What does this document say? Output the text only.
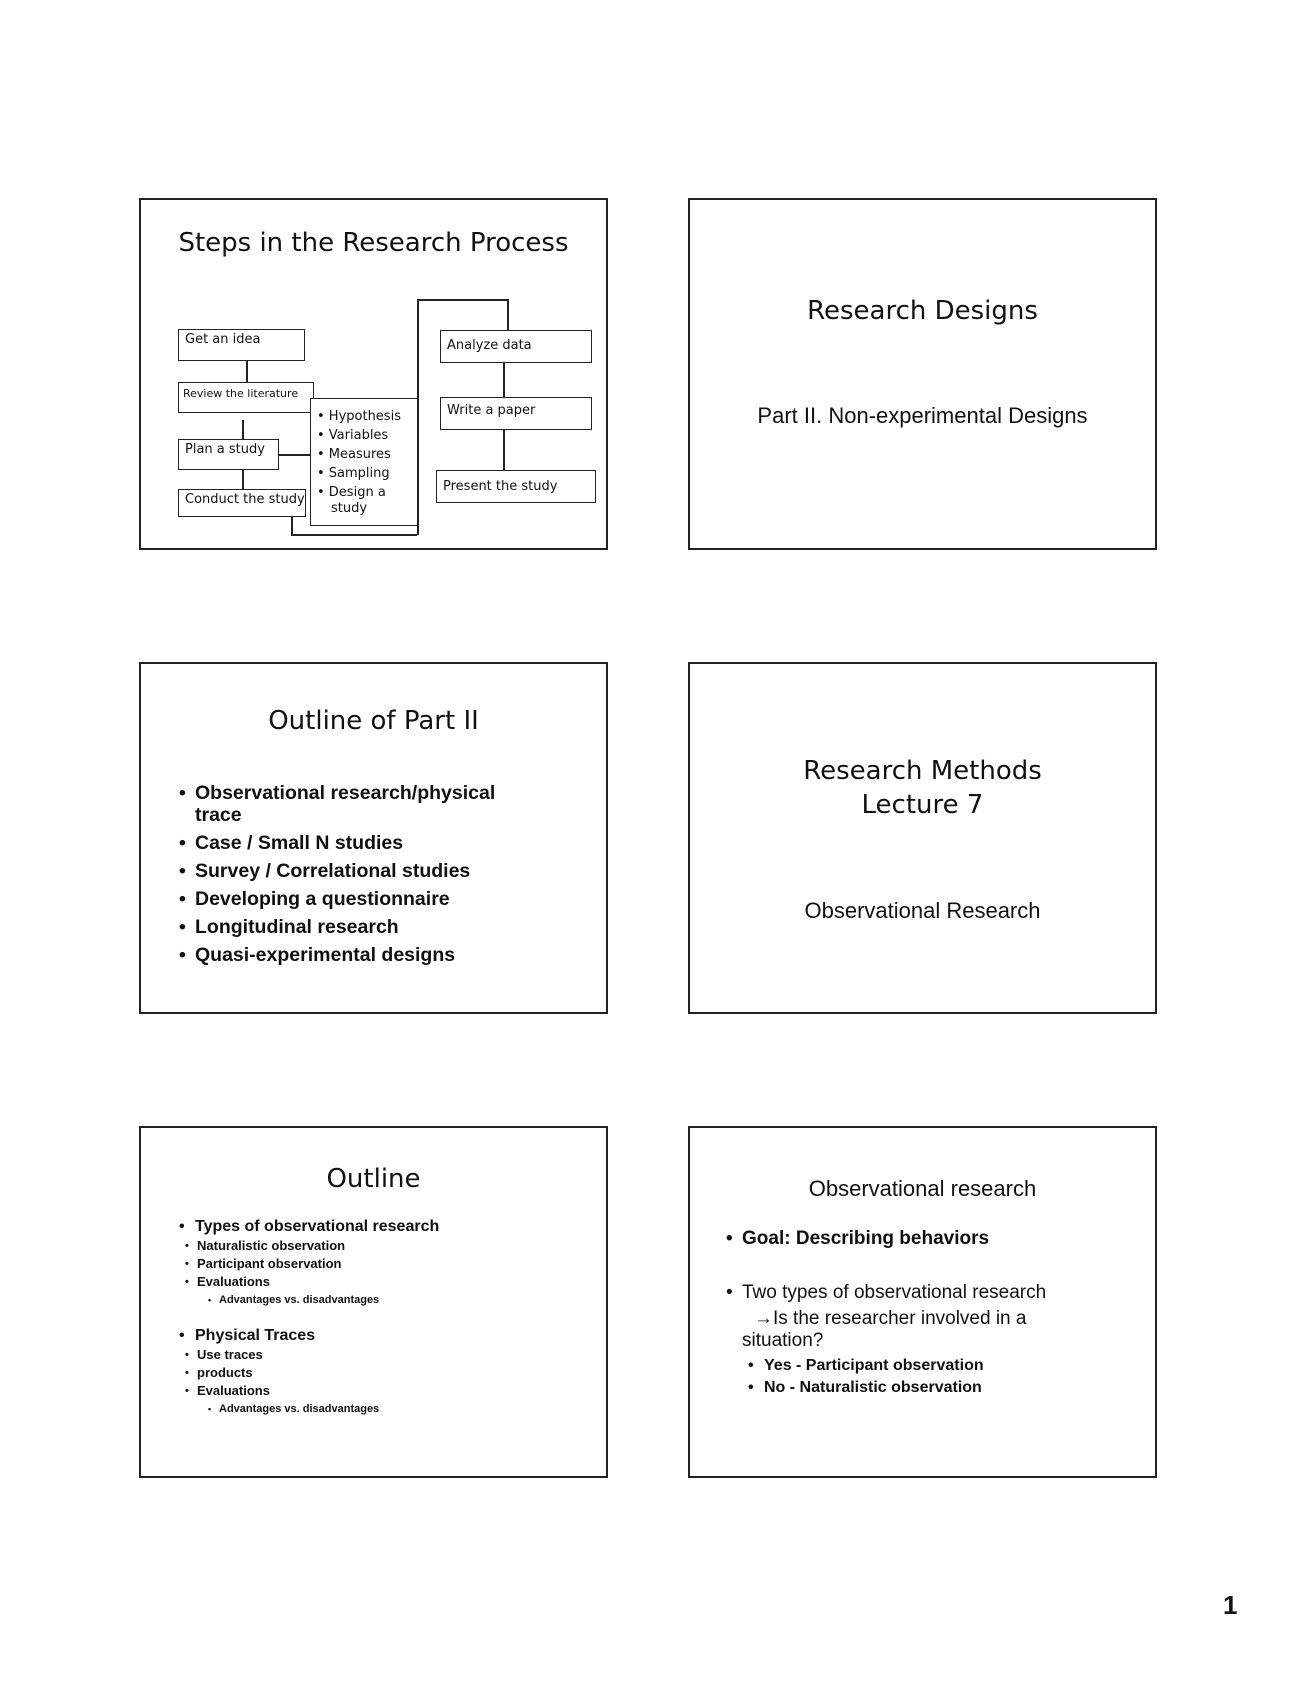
Steps in the Research Process
Get an idea
Review the literature
Plan a study
Conduct the study
• Hypothesis
• Variables
• Measures
• Sampling
• Design a
study
Analyze data
Write a paper
Present the study
Research Designs
Part II. Non-experimental Designs
Outline of Part II
• Observational research/physical
trace
• Case / Small N studies
• Survey / Correlational studies
• Developing a questionnaire
• Longitudinal research
• Quasi-experimental designs
Research Methods
Lecture 7
Observational Research
Outline
• Types of observational research
• Naturalistic observation
• Participant observation
• Evaluations
• Advantages vs. disadvantages
• Physical Traces
• Use traces
• products
• Evaluations
• Advantages vs. disadvantages
Observational research
• Goal: Describing behaviors
• Two types of observational research
→Is the researcher involved in a
situation?
• Yes - Participant observation
• No - Naturalistic observation
1
